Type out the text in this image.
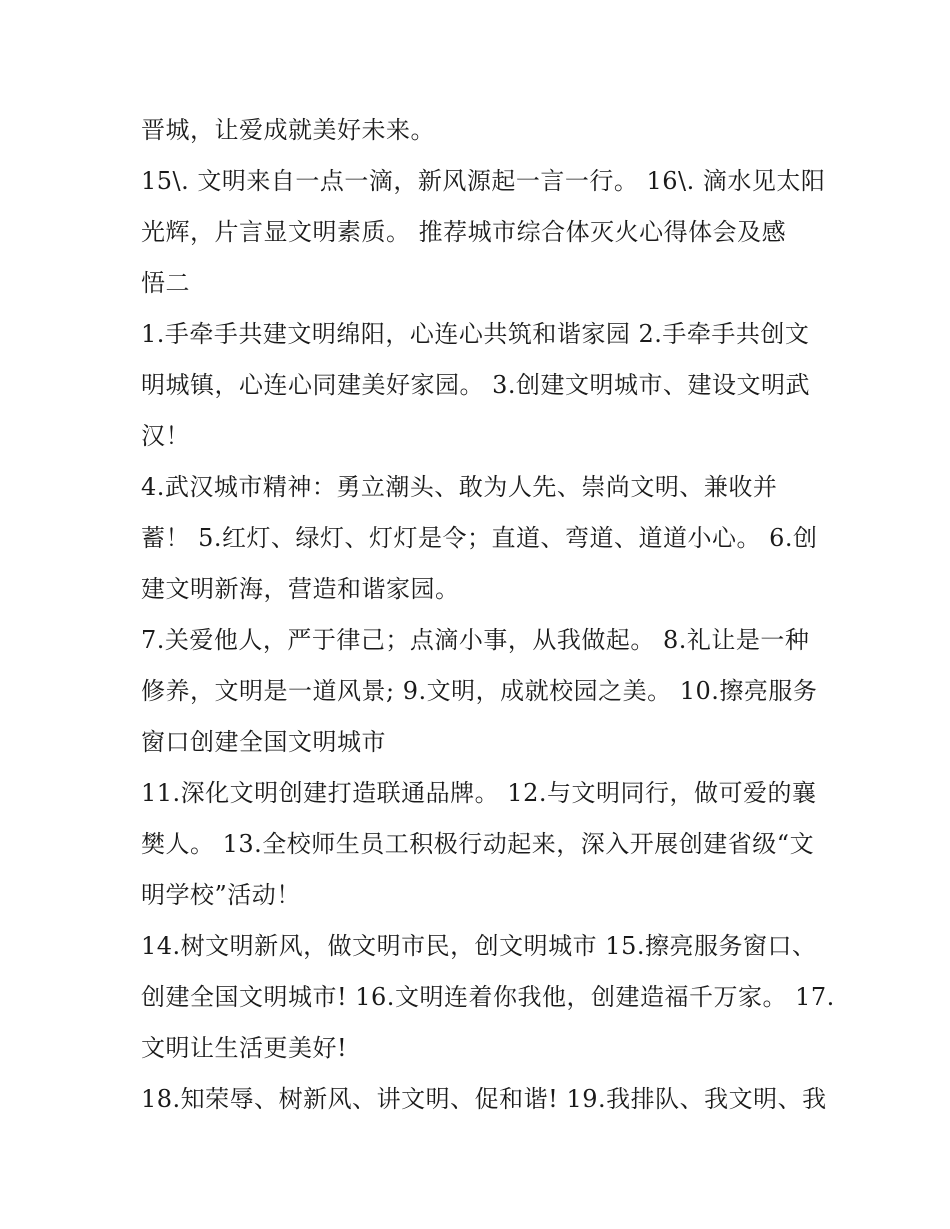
晋城，让爱成就美好未来。
15\. 文明来自一点一滴，新风源起一言一行。 16\. 滴水见太阳
光辉，片言显文明素质。 推荐城市综合体灭火心得体会及感
悟二
1.手牵手共建文明绵阳，心连心共筑和谐家园 2.手牵手共创文
明城镇，心连心同建美好家园。 3.创建文明城市、建设文明武
汉！
4.武汉城市精神：勇立潮头、敢为人先、崇尚文明、兼收并
蓄！ 5.红灯、绿灯、灯灯是令；直道、弯道、道道小心。 6.创
建文明新海，营造和谐家园。
7.关爱他人，严于律己；点滴小事，从我做起。 8.礼让是一种
修养，文明是一道风景; 9.文明，成就校园之美。 10.擦亮服务
窗口创建全国文明城市
11.深化文明创建打造联通品牌。 12.与文明同行，做可爱的襄
樊人。 13.全校师生员工积极行动起来，深入开展创建省级“文
明学校”活动！
14.树文明新风，做文明市民，创文明城市 15.擦亮服务窗口、
创建全国文明城市! 16.文明连着你我他，创建造福千万家。 17.
文明让生活更美好!
18.知荣辱、树新风、讲文明、促和谐! 19.我排队、我文明、我
